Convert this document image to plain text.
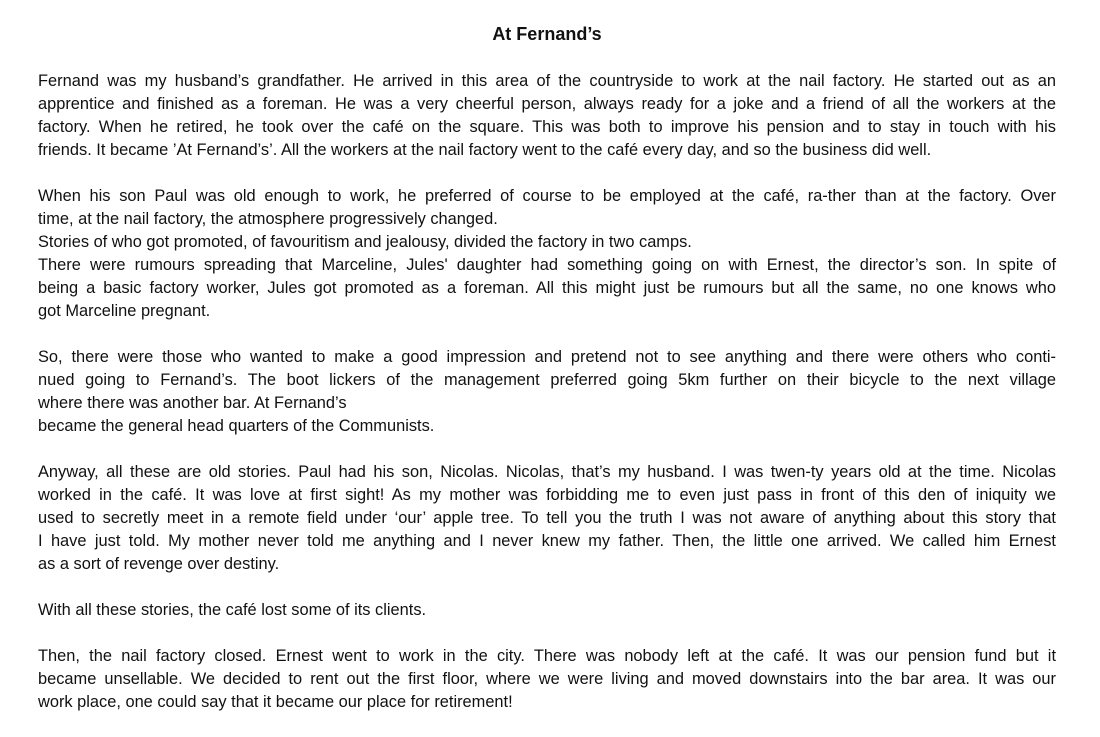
At Fernand’s

Fernand was my husband’s grandfather. He arrived in this area of the countryside to work at the nail factory. He started out as an
apprentice and finished as a foreman. He was a very cheerful person, always ready for a joke and a friend of all the workers at the
factory. When he retired, he took over the café on the square. This was both to improve his pension and to stay in touch with his
friends. It became ’At Fernand’s’. All the workers at the nail factory went to the café every day, and so the business did well.

When his son Paul was old enough to work, he preferred of course to be employed at the café, ra-ther than at the factory. Over
time, at the nail factory, the atmosphere progressively changed.
Stories of who got promoted, of favouritism and jealousy, divided the factory in two camps.
There were rumours spreading that Marceline, Jules' daughter had something going on with Ernest, the director’s son. In spite of
being a basic factory worker, Jules got promoted as a foreman. All this might just be rumours but all the same, no one knows who
got Marceline pregnant.

So, there were those who wanted to make a good impression and pretend not to see anything and there were others who conti-
nued going to Fernand’s. The boot lickers of the management preferred going 5km further on their bicycle to the next village
where there was another bar. At Fernand’s
became the general head quarters of the Communists.

Anyway, all these are old stories. Paul had his son, Nicolas. Nicolas, that’s my husband. I was twen-ty years old at the time. Nicolas
worked in the café. It was love at first sight! As my mother was forbidding me to even just pass in front of this den of iniquity we
used to secretly meet in a remote field under ‘our’ apple tree. To tell you the truth I was not aware of anything about this story that
I have just told. My mother never told me anything and I never knew my father. Then, the little one arrived. We called him Ernest
as a sort of revenge over destiny.

With all these stories, the café lost some of its clients.

Then, the nail factory closed. Ernest went to work in the city. There was nobody left at the café. It was our pension fund but it
became unsellable. We decided to rent out the first floor, where we were living and moved downstairs into the bar area. It was our
work place, one could say that it became our place for retirement!
